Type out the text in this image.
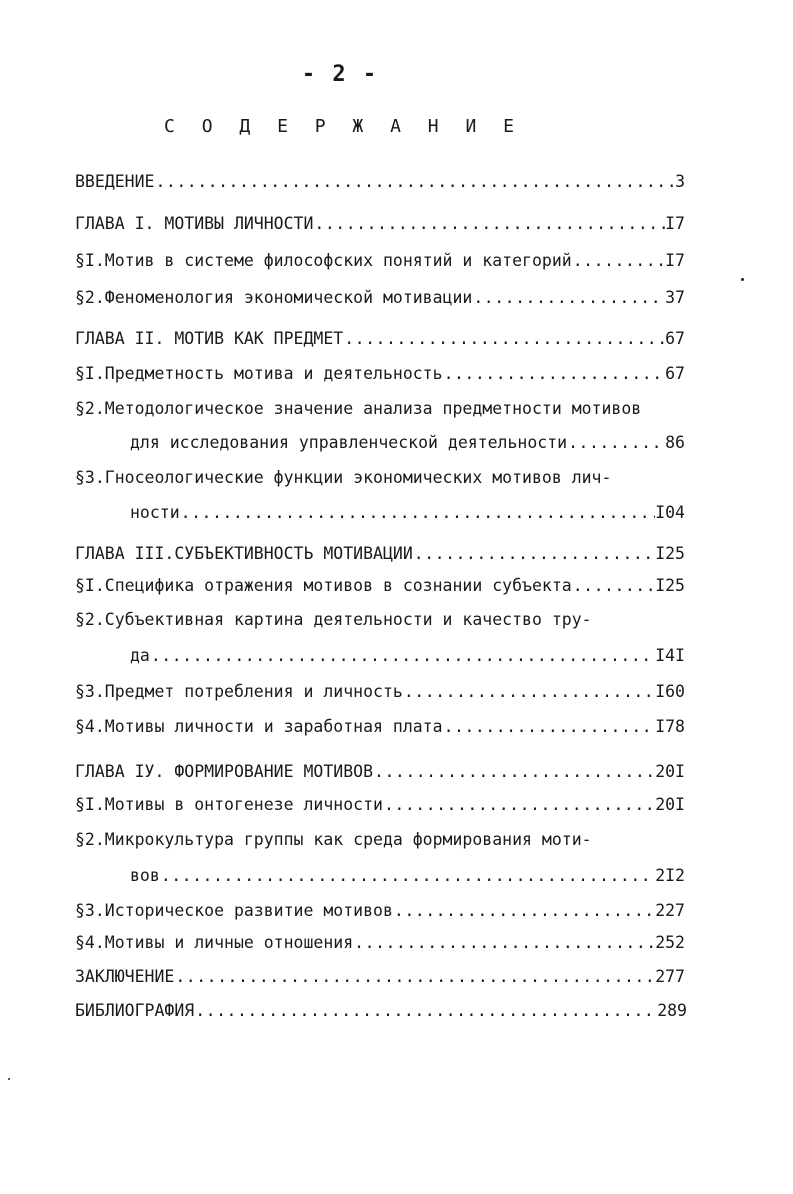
- 2 -
С О Д Е Р Ж А Н И Е
ВВЕДЕНИЕ .....	3
ГЛАВА I. МОТИВЫ ЛИЧНОСТИ .....	I7
§I.Мотив в системе философских понятий и категорий .....	I7
§2.Феноменология экономической мотивации .....	37
ГЛАВА II. МОТИВ КАК ПРЕДМЕТ .....	67
§I.Предметность мотива и деятельность .....	67
§2.Методологическое значение анализа предметности мотивов
для исследования управленческой деятельности .....	86
§3.Гносеологические функции экономических мотивов лич-
ности .....	I04
ГЛАВА III.СУБЪЕКТИВНОСТЬ МОТИВАЦИИ .....	I25
§I.Специфика отражения мотивов в сознании субъекта .....	I25
§2.Субъективная картина деятельности и качество тру-
да .....	I4I
§3.Предмет потребления и личность .....	I60
§4.Мотивы личности и заработная плата .....	I78
ГЛАВА IУ. ФОРМИРОВАНИЕ МОТИВОВ .....	20I
§I.Мотивы в онтогенезе личности .....	20I
§2.Микрокультура группы как среда формирования моти-
вов .....	2I2
§3.Историческое развитие мотивов .....	227
§4.Мотивы и личные отношения .....	252
ЗАКЛЮЧЕНИЕ .....	277
БИБЛИОГРАФИЯ .....	289
